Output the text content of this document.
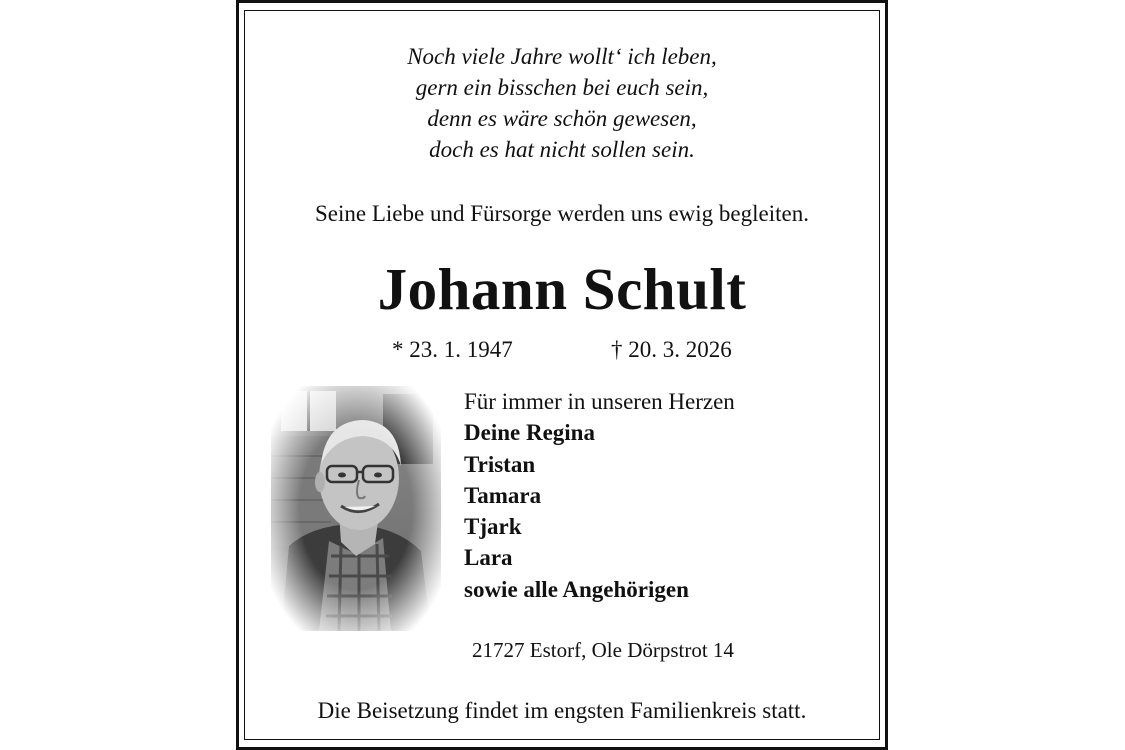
Noch viele Jahre wollt‘ ich leben,
gern ein bisschen bei euch sein,
denn es wäre schön gewesen,
doch es hat nicht sollen sein.
Seine Liebe und Fürsorge werden uns ewig begleiten.
Johann Schult
* 23. 1. 1947	† 20. 3. 2026
Für immer in unseren Herzen
Deine Regina
Tristan
Tamara
Tjark
Lara
sowie alle Angehörigen
21727 Estorf, Ole Dörpstrot 14
Die Beisetzung findet im engsten Familienkreis statt.
